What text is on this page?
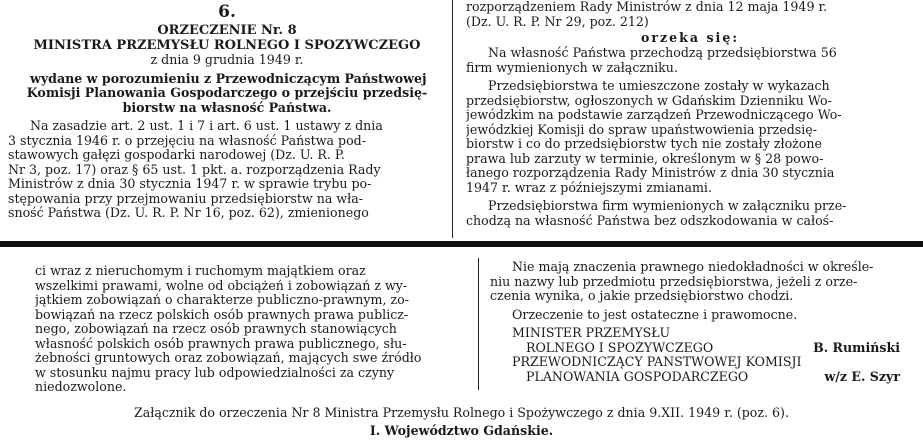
6.
ORZECZENIE Nr. 8
MINISTRA PRZEMYSŁU ROLNEGO I SPOŻYWCZEGO
z dnia 9 grudnia 1949 r.
wydane w porozumieniu z Przewodniczącym Państwowej
Komisji Planowania Gospodarczego o przejściu przedsię-
biorstw na własność Państwa.
Na zasadzie art. 2 ust. 1 i 7 i art. 6 ust. 1 ustawy z dnia
3 stycznia 1946 r. o przejęciu na własność Państwa pod-
stawowych gałęzi gospodarki narodowej (Dz. U. R. P.
Nr 3, poz. 17) oraz § 65 ust. 1 pkt. a. rozporządzenia Rady
Ministrów z dnia 30 stycznia 1947 r. w sprawie trybu po-
stępowania przy przejmowaniu przedsiębiorstw na wła-
sność Państwa (Dz. U. R. P. Nr 16, poz. 62), zmienionego
rozporządzeniem Rady Ministrów z dnia 12 maja 1949 r.
(Dz. U. R. P. Nr 29, poz. 212)
orzeka się:
Na własność Państwa przechodzą przedsiębiorstwa 56
firm wymienionych w załączniku.
Przedsiębiorstwa te umieszczone zostały w wykazach
przedsiębiorstw, ogłoszonych w Gdańskim Dzienniku Wo-
jewódzkim na podstawie zarządzeń Przewodniczącego Wo-
jewódzkiej Komisji do spraw upaństwowienia przedsię-
biorstw i co do przedsiębiorstw tych nie zostały złożone
prawa lub zarzuty w terminie, określonym w § 28 powo-
łanego rozporządzenia Rady Ministrów z dnia 30 stycznia
1947 r. wraz z późniejszymi zmianami.
Przedsiębiorstwa firm wymienionych w załączniku prze-
chodzą na własność Państwa bez odszkodowania w całoś-
ci wraz z nieruchomym i ruchomym majątkiem oraz
wszelkimi prawami, wolne od obciążeń i zobowiązań z wy-
jątkiem zobowiązań o charakterze publiczno-prawnym, zo-
bowiązań na rzecz polskich osób prawnych prawa publicz-
nego, zobowiązań na rzecz osób prawnych stanowiących
własność polskich osób prawnych prawa publicznego, słu-
żebności gruntowych oraz zobowiązań, mających swe źródło
w stosunku najmu pracy lub odpowiedzialności za czyny
niedozwolone.
Nie mają znaczenia prawnego niedokładności w określe-
niu nazwy lub przedmiotu przedsiębiorstwa, jeżeli z orze-
czenia wynika, o jakie przedsiębiorstwo chodzi.
Orzeczenie to jest ostateczne i prawomocne.
MINISTER PRZEMYSŁU
ROLNEGO I SPOŻYWCZEGO	B. Rumiński
PRZEWODNICZĄCY PAŃSTWOWEJ KOMISJI
PLANOWANIA GOSPODARCZEGO	w/z E. Szyr
Załącznik do orzeczenia Nr 8 Ministra Przemysłu Rolnego i Spożywczego z dnia 9.XII. 1949 r. (poz. 6).
I. Województwo Gdańskie.
